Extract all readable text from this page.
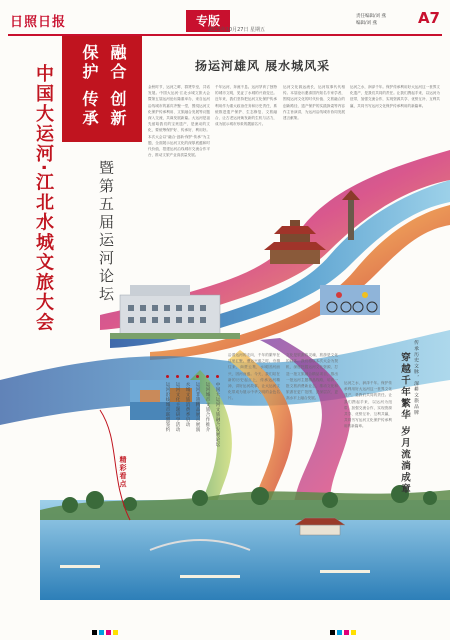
日照日报	专版
2023年10月27日 星期五
责任编辑/刘 燕
编辑/刘 燕	A7
融合 创新
保护 传承
中国大运河·江北水城文旅大会	暨第五届运河论坛
扬运河雄风 展水城风采
金秋时节，运河之畔，群贤毕至，共话发展。中国大运河·江北水城文旅大会暨第五届运河论坛隆重举办，来自运河沿线城市的嘉宾齐聚一堂，围绕运河文化保护传承利用、文旅融合发展等议题深入交流，共谋发展新篇。大运河是祖先留给我们的宝贵遗产，是流动的文化，要统筹保护好、传承好、利用好。本次大会以“融合·创新·保护·传承”为主题，全面展示运河文化的深厚底蕴和时代价值，搭建运河沿线城市交流合作平台，推动文旅产业高质量发展。
千年运河，奔流不息。运河孕育了独特的城市文明，见证了水城的兴衰变迁。近年来，我们坚持把运河文化保护传承利用作为重大政治任务和历史责任，系统推进遗产保护、生态修复、文旅融合，让古老运河焕发新的生机与活力，成为展示城市形象的靓丽名片。
运河文化源远流长，运河故事代代相传。本届论坛邀请国内知名专家学者，围绕运河文化的时代价值、文旅融合的创新路径、遗产保护的实践探索等内容作主旨演讲，为运河沿线城市协同发展建言献策。
运河之水，润泽千年。保护传承利用好大运河这一世界文化遗产，是我们共同的责任。让我们携起手来，以运河为纽带，加强交流合作，实现资源共享、优势互补、互利共赢，共同书写运河文化保护传承利用的新篇章。
传承历史文脉，深耕文旅品牌
穿越千年繁华 岁月流淌成章
沿着运河的走向，千年的繁华在这里汇聚。漕运兴盛之时，舟楫往来，商贾云集，水城因河而兴，因河而盛。今天，我们站在新的历史起点上，传承运河精神，讲好运河故事，让大运河文化带成为展示中华文明的金色名片。
文化是旅游的灵魂，旅游是文化的载体。我们将以本次大会为契机，深度挖掘运河文化资源，打造一批文旅融合精品项目，推出一批运河主题精品线路，培育一批文旅消费新业态，推动文化和旅游在更广范围、更深层次、更高水平上融合发展。
运河之水，润泽千年。保护传承利用好大运河这一世界文化遗产，是我们共同的责任。让我们携起手来，以运河为纽带，加强交流合作，实现资源共享、优势互补、互利共赢，共同书写运河文化保护传承利用的新篇章。
精彩看点
中国大运河文旅融合发展论坛
运河城市文旅合作推介
运河非遗精品展示展演
水城文旅消费季启动
运河文化主题研学活动
运河沿线城市联盟签约
